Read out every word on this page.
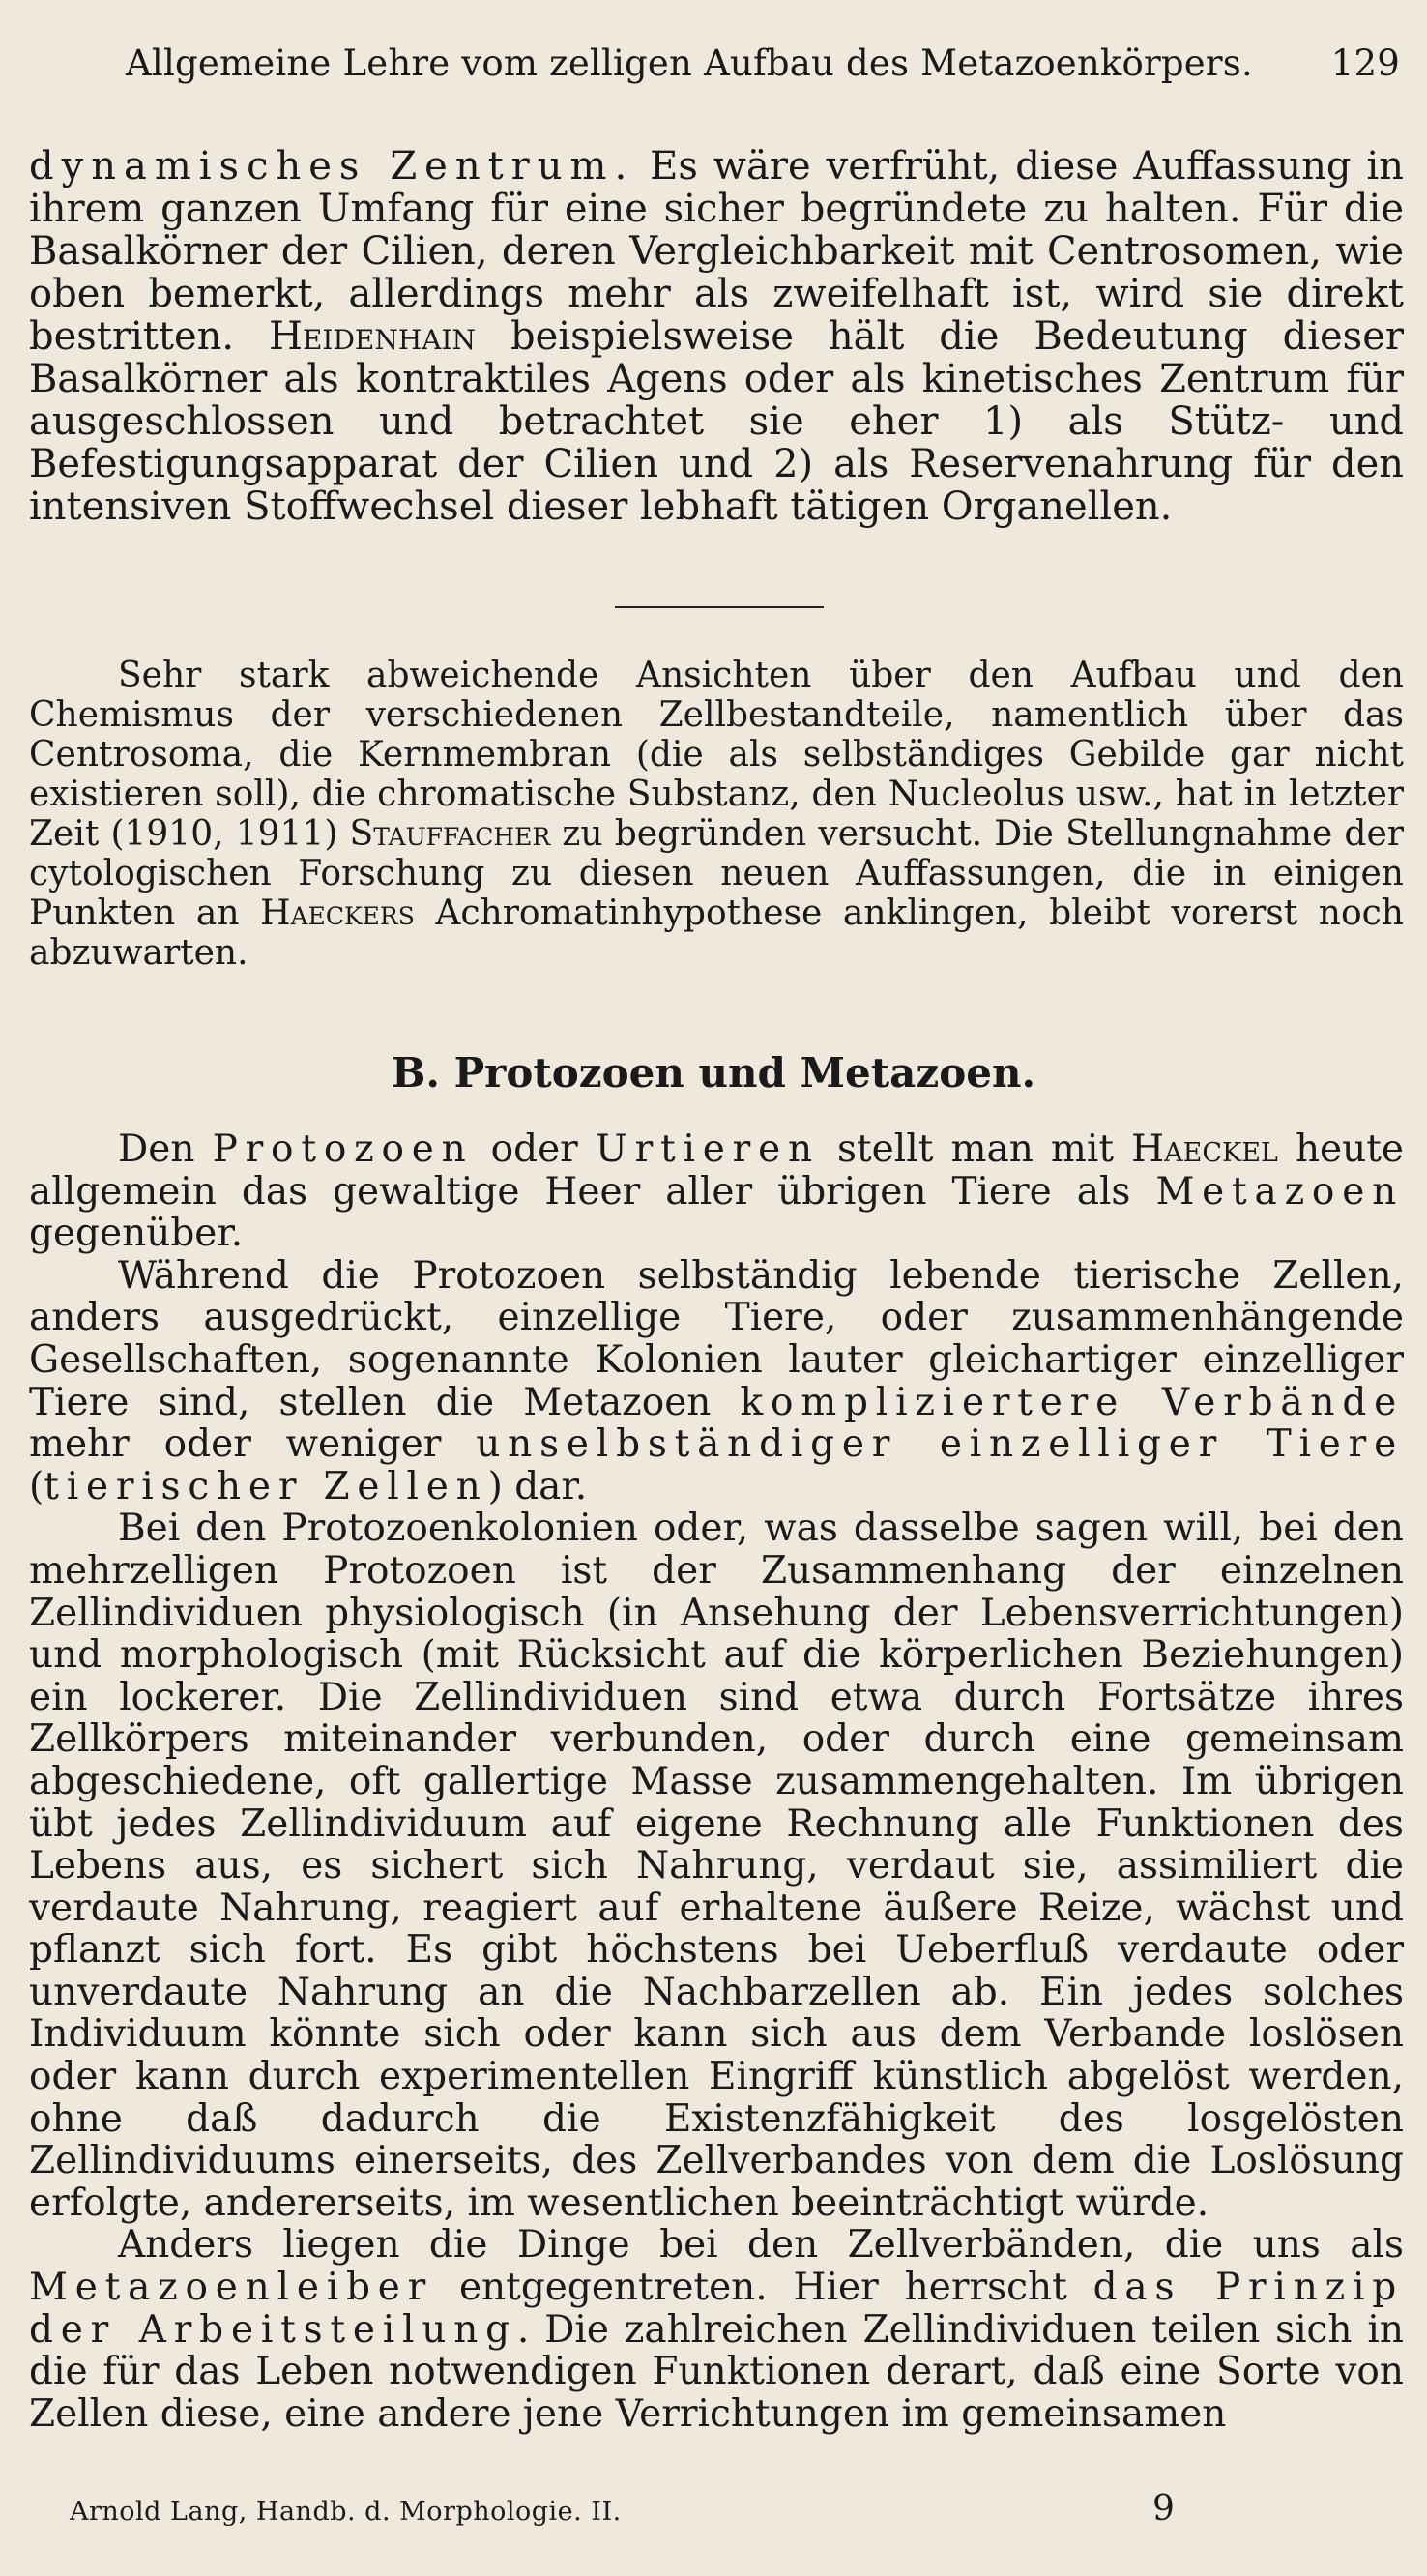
Allgemeine Lehre vom zelligen Aufbau des Metazoenkörpers. 129

dynamisches Zentrum. Es wäre verfrüht, diese Auffassung in ihrem ganzen Umfang für eine sicher begründete zu halten. Für die Basalkörner der Cilien, deren Vergleichbarkeit mit Centrosomen, wie oben bemerkt, allerdings mehr als zweifelhaft ist, wird sie direkt bestritten. Heidenhain beispielsweise hält die Bedeutung dieser Basalkörner als kontraktiles Agens oder als kinetisches Zentrum für ausgeschlossen und betrachtet sie eher 1) als Stütz- und Befestigungsapparat der Cilien und 2) als Reservenahrung für den intensiven Stoffwechsel dieser lebhaft tätigen Organellen.

Sehr stark abweichende Ansichten über den Aufbau und den Chemismus der verschiedenen Zellbestandteile, namentlich über das Centrosoma, die Kernmembran (die als selbständiges Gebilde gar nicht existieren soll), die chromatische Substanz, den Nucleolus usw., hat in letzter Zeit (1910, 1911) Stauffacher zu begründen versucht. Die Stellungnahme der cytologischen Forschung zu diesen neuen Auffassungen, die in einigen Punkten an Haeckers Achromatinhypothese anklingen, bleibt vorerst noch abzuwarten.

B. Protozoen und Metazoen.

Den Protozoen oder Urtieren stellt man mit Haeckel heute allgemein das gewaltige Heer aller übrigen Tiere als Metazoen gegenüber.

Während die Protozoen selbständig lebende tierische Zellen, anders ausgedrückt, einzellige Tiere, oder zusammenhängende Gesellschaften, sogenannte Kolonien lauter gleichartiger einzelliger Tiere sind, stellen die Metazoen kompliziertere Verbände mehr oder weniger unselbständiger einzelliger Tiere (tierischer Zellen) dar.

Bei den Protozoenkolonien oder, was dasselbe sagen will, bei den mehrzelligen Protozoen ist der Zusammenhang der einzelnen Zellindividuen physiologisch (in Ansehung der Lebensverrichtungen) und morphologisch (mit Rücksicht auf die körperlichen Beziehungen) ein lockerer. Die Zellindividuen sind etwa durch Fortsätze ihres Zellkörpers miteinander verbunden, oder durch eine gemeinsam abgeschiedene, oft gallertige Masse zusammengehalten. Im übrigen übt jedes Zellindividuum auf eigene Rechnung alle Funktionen des Lebens aus, es sichert sich Nahrung, verdaut sie, assimiliert die verdaute Nahrung, reagiert auf erhaltene äußere Reize, wächst und pflanzt sich fort. Es gibt höchstens bei Ueberfluß verdaute oder unverdaute Nahrung an die Nachbarzellen ab. Ein jedes solches Individuum könnte sich oder kann sich aus dem Verbande loslösen oder kann durch experimentellen Eingriff künstlich abgelöst werden, ohne daß dadurch die Existenzfähigkeit des losgelösten Zellindividuums einerseits, des Zellverbandes von dem die Loslösung erfolgte, andererseits, im wesentlichen beeinträchtigt würde.

Anders liegen die Dinge bei den Zellverbänden, die uns als Metazoenleiber entgegentreten. Hier herrscht das Prinzip der Arbeitsteilung. Die zahlreichen Zellindividuen teilen sich in die für das Leben notwendigen Funktionen derart, daß eine Sorte von Zellen diese, eine andere jene Verrichtungen im gemeinsamen

Arnold Lang, Handb. d. Morphologie. II.	9
